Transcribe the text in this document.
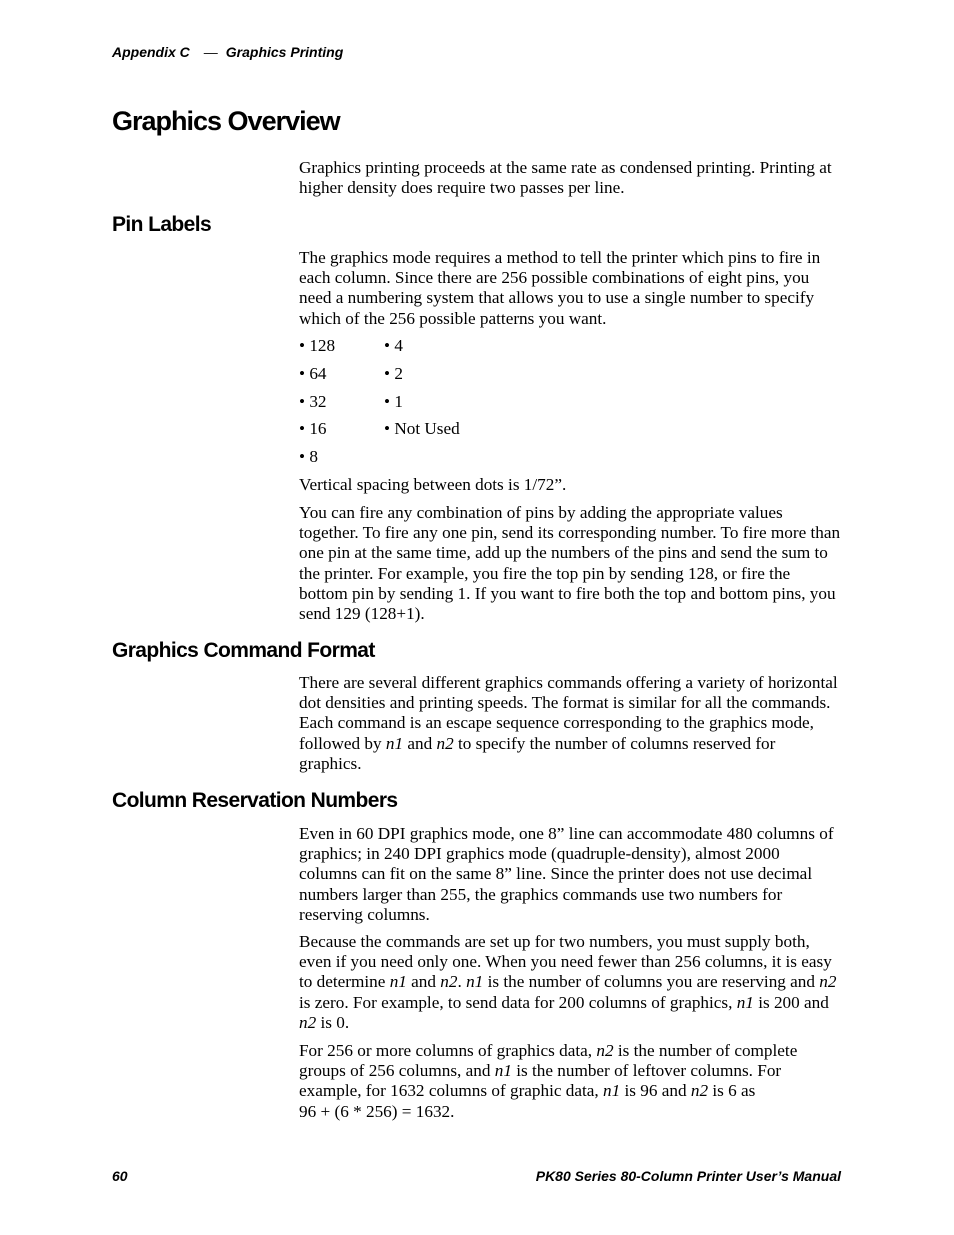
Appendix C — Graphics Printing
Graphics Overview

Graphics printing proceeds at the same rate as condensed printing. Printing at higher density does require two passes per line.

Pin Labels

The graphics mode requires a method to tell the printer which pins to fire in each column. Since there are 256 possible combinations of eight pins, you need a numbering system that allows you to use a single number to specify which of the 256 possible patterns you want.

• 128
• 64
• 32
• 16
• 8
• 4
• 2
• 1
• Not Used

Vertical spacing between dots is 1/72”.

You can fire any combination of pins by adding the appropriate values together. To fire any one pin, send its corresponding number. To fire more than one pin at the same time, add up the numbers of the pins and send the sum to the printer. For example, you fire the top pin by sending 128, or fire the bottom pin by sending 1. If you want to fire both the top and bottom pins, you send 129 (128+1).

Graphics Command Format

There are several different graphics commands offering a variety of horizontal dot densities and printing speeds. The format is similar for all the commands. Each command is an escape sequence corresponding to the graphics mode, followed by n1 and n2 to specify the number of columns reserved for graphics.

Column Reservation Numbers

Even in 60 DPI graphics mode, one 8” line can accommodate 480 columns of graphics; in 240 DPI graphics mode (quadruple-density), almost 2000 columns can fit on the same 8” line. Since the printer does not use decimal numbers larger than 255, the graphics commands use two numbers for reserving columns.

Because the commands are set up for two numbers, you must supply both, even if you need only one. When you need fewer than 256 columns, it is easy to determine n1 and n2. n1 is the number of columns you are reserving and n2 is zero. For example, to send data for 200 columns of graphics, n1 is 200 and n2 is 0.

For 256 or more columns of graphics data, n2 is the number of complete groups of 256 columns, and n1 is the number of leftover columns. For example, for 1632 columns of graphic data, n1 is 96 and n2 is 6 as
96 + (6 * 256) = 1632.

60	PK80 Series 80-Column Printer User’s Manual
